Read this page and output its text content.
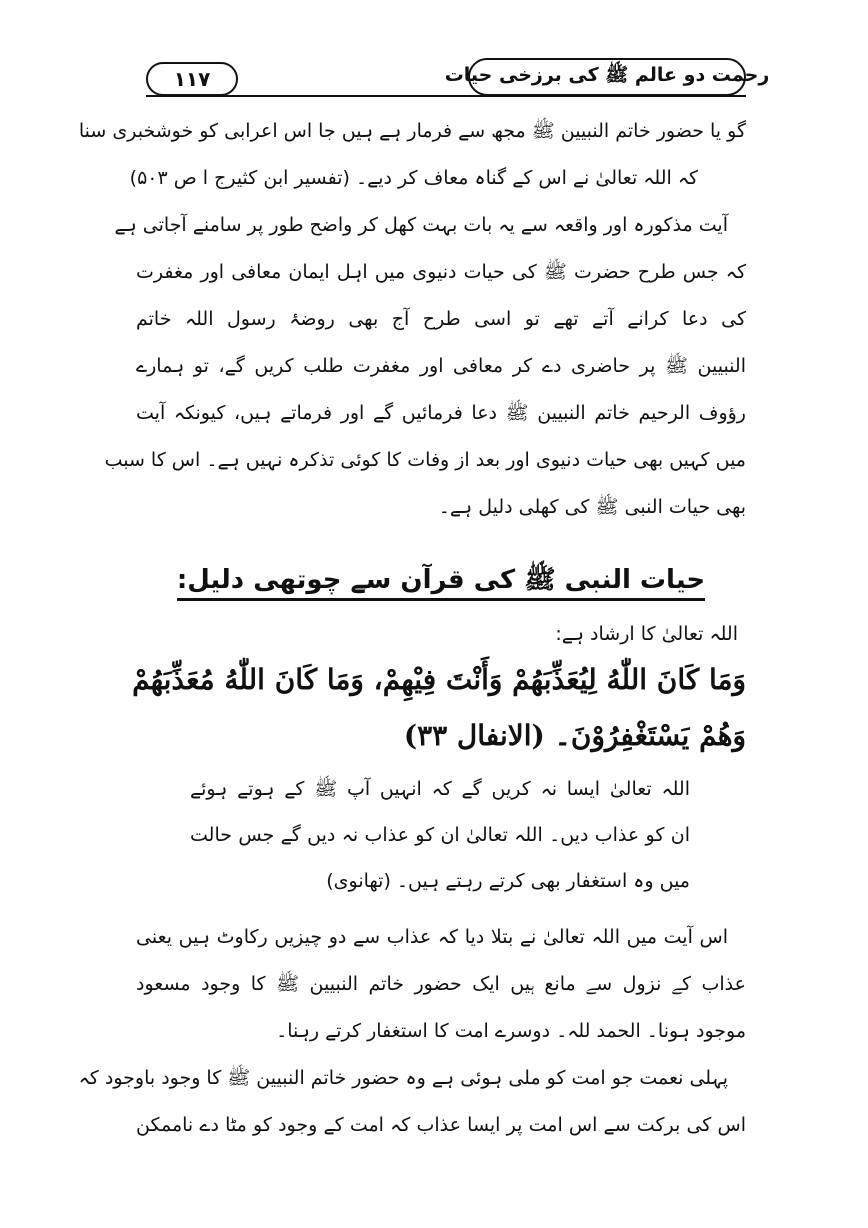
رحمت دو عالم ﷺ کی برزخی حیات
۱۱۷
گو یا حضور خاتم النبیین ﷺ مجھ سے فرمار ہے ہیں جا اس اعرابی کو خوشخبری سنا
کہ اللہ تعالیٰ نے اس کے گناہ معاف کر دیے۔ (تفسیر ابن کثیرج ا ص ۵۰۳)
آیت مذکورہ اور واقعہ سے یہ بات بہت کھل کر واضح طور پر سامنے آجاتی ہے
کہ جس طرح حضرت ﷺ کی حیات دنیوی میں اہل ایمان معافی اور مغفرت
کی دعا کرانے آتے تھے تو اسی طرح آج بھی روضۂ رسول اللہ خاتم
النبیین ﷺ پر حاضری دے کر معافی اور مغفرت طلب کریں گے، تو ہمارے
رؤوف الرحیم خاتم النبیین ﷺ دعا فرمائیں گے اور فرماتے ہیں، کیونکہ آیت
میں کہیں بھی حیات دنیوی اور بعد از وفات کا کوئی تذکرہ نہیں ہے۔ اس کا سبب
بھی حیات النبی ﷺ کی کھلی دلیل ہے۔
حیات النبی ﷺ کی قرآن سے چوتھی دلیل:
اللہ تعالیٰ کا ارشاد ہے:
وَمَا كَانَ اللّٰهُ لِيُعَذِّبَهُمْ وَأَنْتَ فِيْهِمْ، وَمَا كَانَ اللّٰهُ مُعَذِّبَهُمْ
وَهُمْ يَسْتَغْفِرُوْنَ۔ (الانفال ۳۳)
اللہ تعالیٰ ایسا نہ کریں گے کہ انہیں آپ ﷺ کے ہوتے ہوئے
ان کو عذاب دیں۔ اللہ تعالیٰ ان کو عذاب نہ دیں گے جس حالت
میں وہ استغفار بھی کرتے رہتے ہیں۔ (تھانوی)
اس آیت میں اللہ تعالیٰ نے بتلا دیا کہ عذاب سے دو چیزیں رکاوٹ ہیں یعنی
عذاب کے نزول سے مانع ہیں ایک حضور خاتم النبیین ﷺ کا وجود مسعود
موجود ہونا۔ الحمد للہ۔ دوسرے امت کا استغفار کرتے رہنا۔
پہلی نعمت جو امت کو ملی ہوئی ہے وہ حضور خاتم النبیین ﷺ کا وجود باوجود کہ
اس کی برکت سے اس امت پر ایسا عذاب کہ امت کے وجود کو مٹا دے ناممکن
